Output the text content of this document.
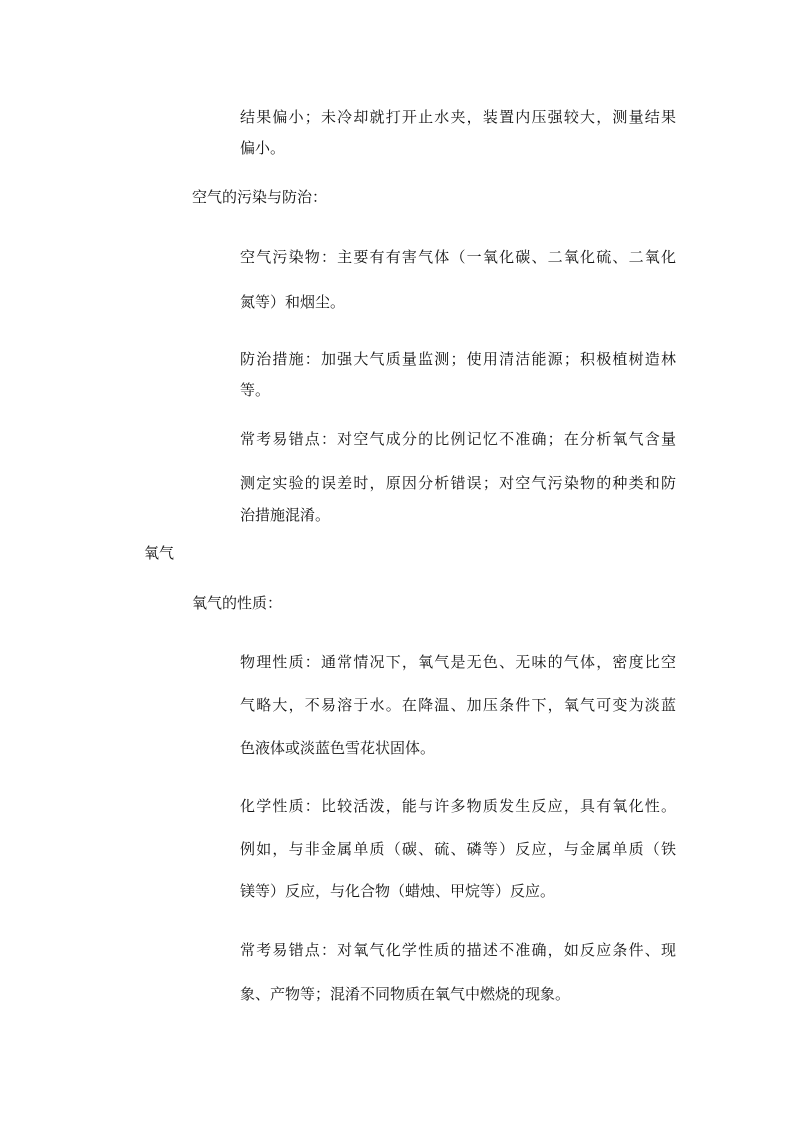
结果偏小；未冷却就打开止水夹，装置内压强较大，测量结果
偏小。
空气的污染与防治：
空气污染物：主要有有害气体（一氧化碳、二氧化硫、二氧化
氮等）和烟尘。
防治措施：加强大气质量监测；使用清洁能源；积极植树造林
等。
常考易错点：对空气成分的比例记忆不准确；在分析氧气含量
测定实验的误差时，原因分析错误；对空气污染物的种类和防
治措施混淆。
氧气
氧气的性质：
物理性质：通常情况下，氧气是无色、无味的气体，密度比空
气略大，不易溶于水。在降温、加压条件下，氧气可变为淡蓝
色液体或淡蓝色雪花状固体。
化学性质：比较活泼，能与许多物质发生反应，具有氧化性。
例如，与非金属单质（碳、硫、磷等）反应，与金属单质（铁
镁等）反应，与化合物（蜡烛、甲烷等）反应。
常考易错点：对氧气化学性质的描述不准确，如反应条件、现
象、产物等；混淆不同物质在氧气中燃烧的现象。
